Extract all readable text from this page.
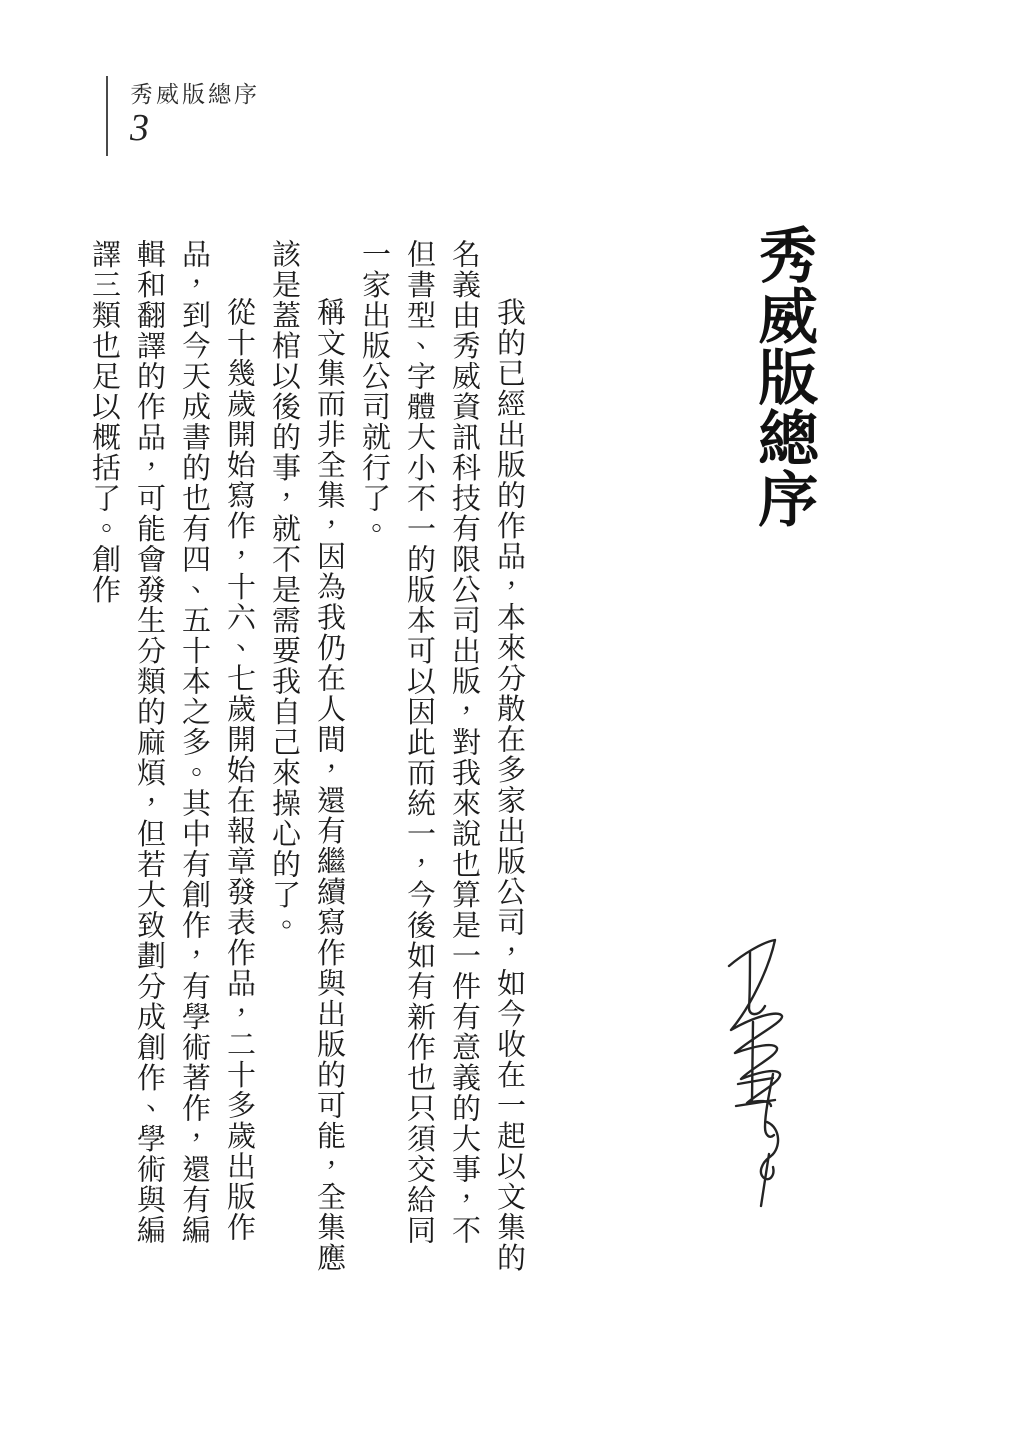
秀威版總序
3
秀威版總序

我的已經出版的作品，本來分散在多家出版公司，如今收在一起以文集的名義由秀威資訊科技有限公司出版，對我來說也算是一件有意義的大事，不但書型、字體大小不一的版本可以因此而統一，今後如有新作也只須交給同一家出版公司就行了。

稱文集而非全集，因為我仍在人間，還有繼續寫作與出版的可能，全集應該是蓋棺以後的事，就不是需要我自己來操心的了。

從十幾歲開始寫作，十六、七歲開始在報章發表作品，二十多歲出版作品，到今天成書的也有四、五十本之多。其中有創作，有學術著作，還有編輯和翻譯的作品，可能會發生分類的麻煩，但若大致劃分成創作、學術與編譯三類也足以概括了。創作
